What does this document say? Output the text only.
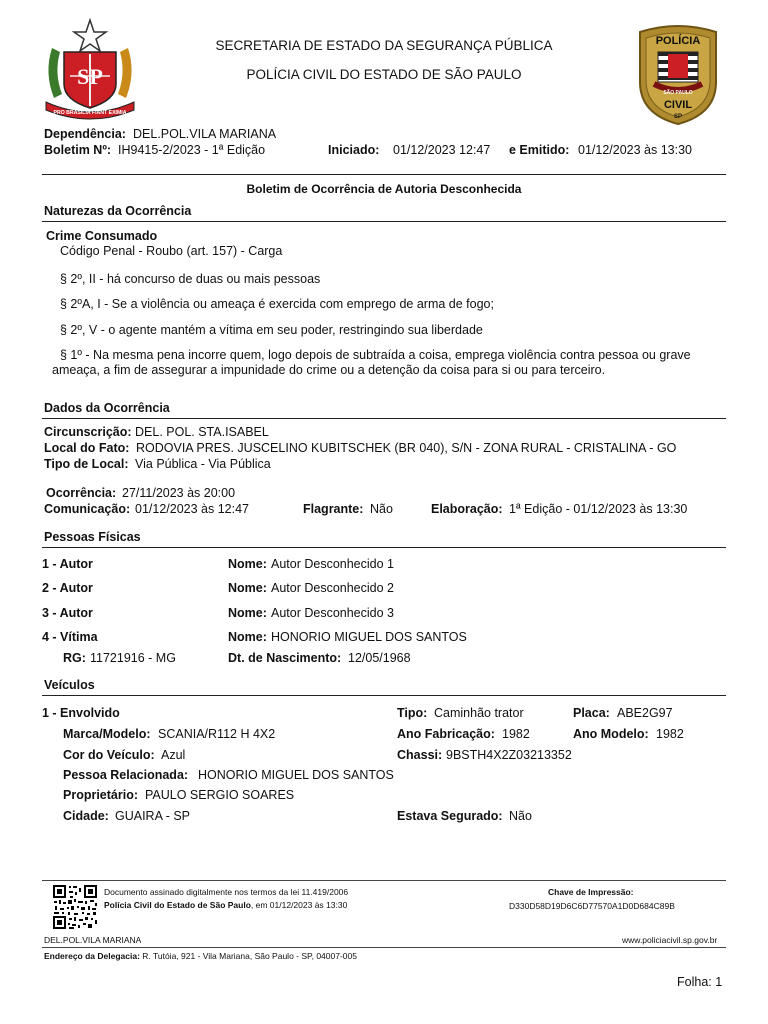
SP
PRO BRASILIA FIANT EXIMIA
SECRETARIA DE ESTADO DA SEGURANÇA PÚBLICA
POLÍCIA CIVIL DO ESTADO DE SÃO PAULO
POLÍCIA
SÃO PAULO
CIVIL
SP
Dependência: DEL.POL.VILA MARIANA
Boletim Nº: IH9415-2/2023 - 1ª Edição	Iniciado: 01/12/2023 12:47 e Emitido: 01/12/2023 às 13:30
Boletim de Ocorrência de Autoria Desconhecida
Naturezas da Ocorrência
Crime Consumado
Código Penal - Roubo (art. 157) - Carga
§ 2º, II - há concurso de duas ou mais pessoas
§ 2ºA, I - Se a violência ou ameaça é exercida com emprego de arma de fogo;
§ 2º, V - o agente mantém a vítima em seu poder, restringindo sua liberdade
§ 1º - Na mesma pena incorre quem, logo depois de subtraída a coisa, emprega violência contra pessoa ou grave ameaça, a fim de assegurar a impunidade do crime ou a detenção da coisa para si ou para terceiro.
Dados da Ocorrência
Circunscrição: DEL. POL. STA.ISABEL
Local do Fato: RODOVIA PRES. JUSCELINO KUBITSCHEK (BR 040), S/N - ZONA RURAL - CRISTALINA - GO
Tipo de Local: Via Pública - Via Pública
Ocorrência: 27/11/2023 às 20:00
Comunicação: 01/12/2023 às 12:47	Flagrante: Não	Elaboração: 1ª Edição - 01/12/2023 às 13:30
Pessoas Físicas
1 - Autor	Nome: Autor Desconhecido 1
2 - Autor	Nome: Autor Desconhecido 2
3 - Autor	Nome: Autor Desconhecido 3
4 - Vítima	Nome: HONORIO MIGUEL DOS SANTOS
RG: 11721916 - MG	Dt. de Nascimento: 12/05/1968
Veículos
1 - Envolvido	Tipo: Caminhão trator	Placa: ABE2G97
Marca/Modelo: SCANIA/R112 H 4X2	Ano Fabricação: 1982	Ano Modelo: 1982
Cor do Veículo: Azul	Chassi: 9BSTH4X2Z03213352
Pessoa Relacionada: HONORIO MIGUEL DOS SANTOS
Proprietário: PAULO SERGIO SOARES
Cidade: GUAIRA - SP	Estava Segurado: Não
Documento assinado digitalmente nos termos da lei 11.419/2006
Polícia Civil do Estado de São Paulo, em 01/12/2023 às 13:30
Chave de Impressão:
D330D58D19D6C6D77570A1D0D684C89B
DEL.POL.VILA MARIANA	www.policiacivil.sp.gov.br
Endereço da Delegacia: R. Tutóia, 921 - Vila Mariana, São Paulo - SP, 04007-005
Folha: 1
